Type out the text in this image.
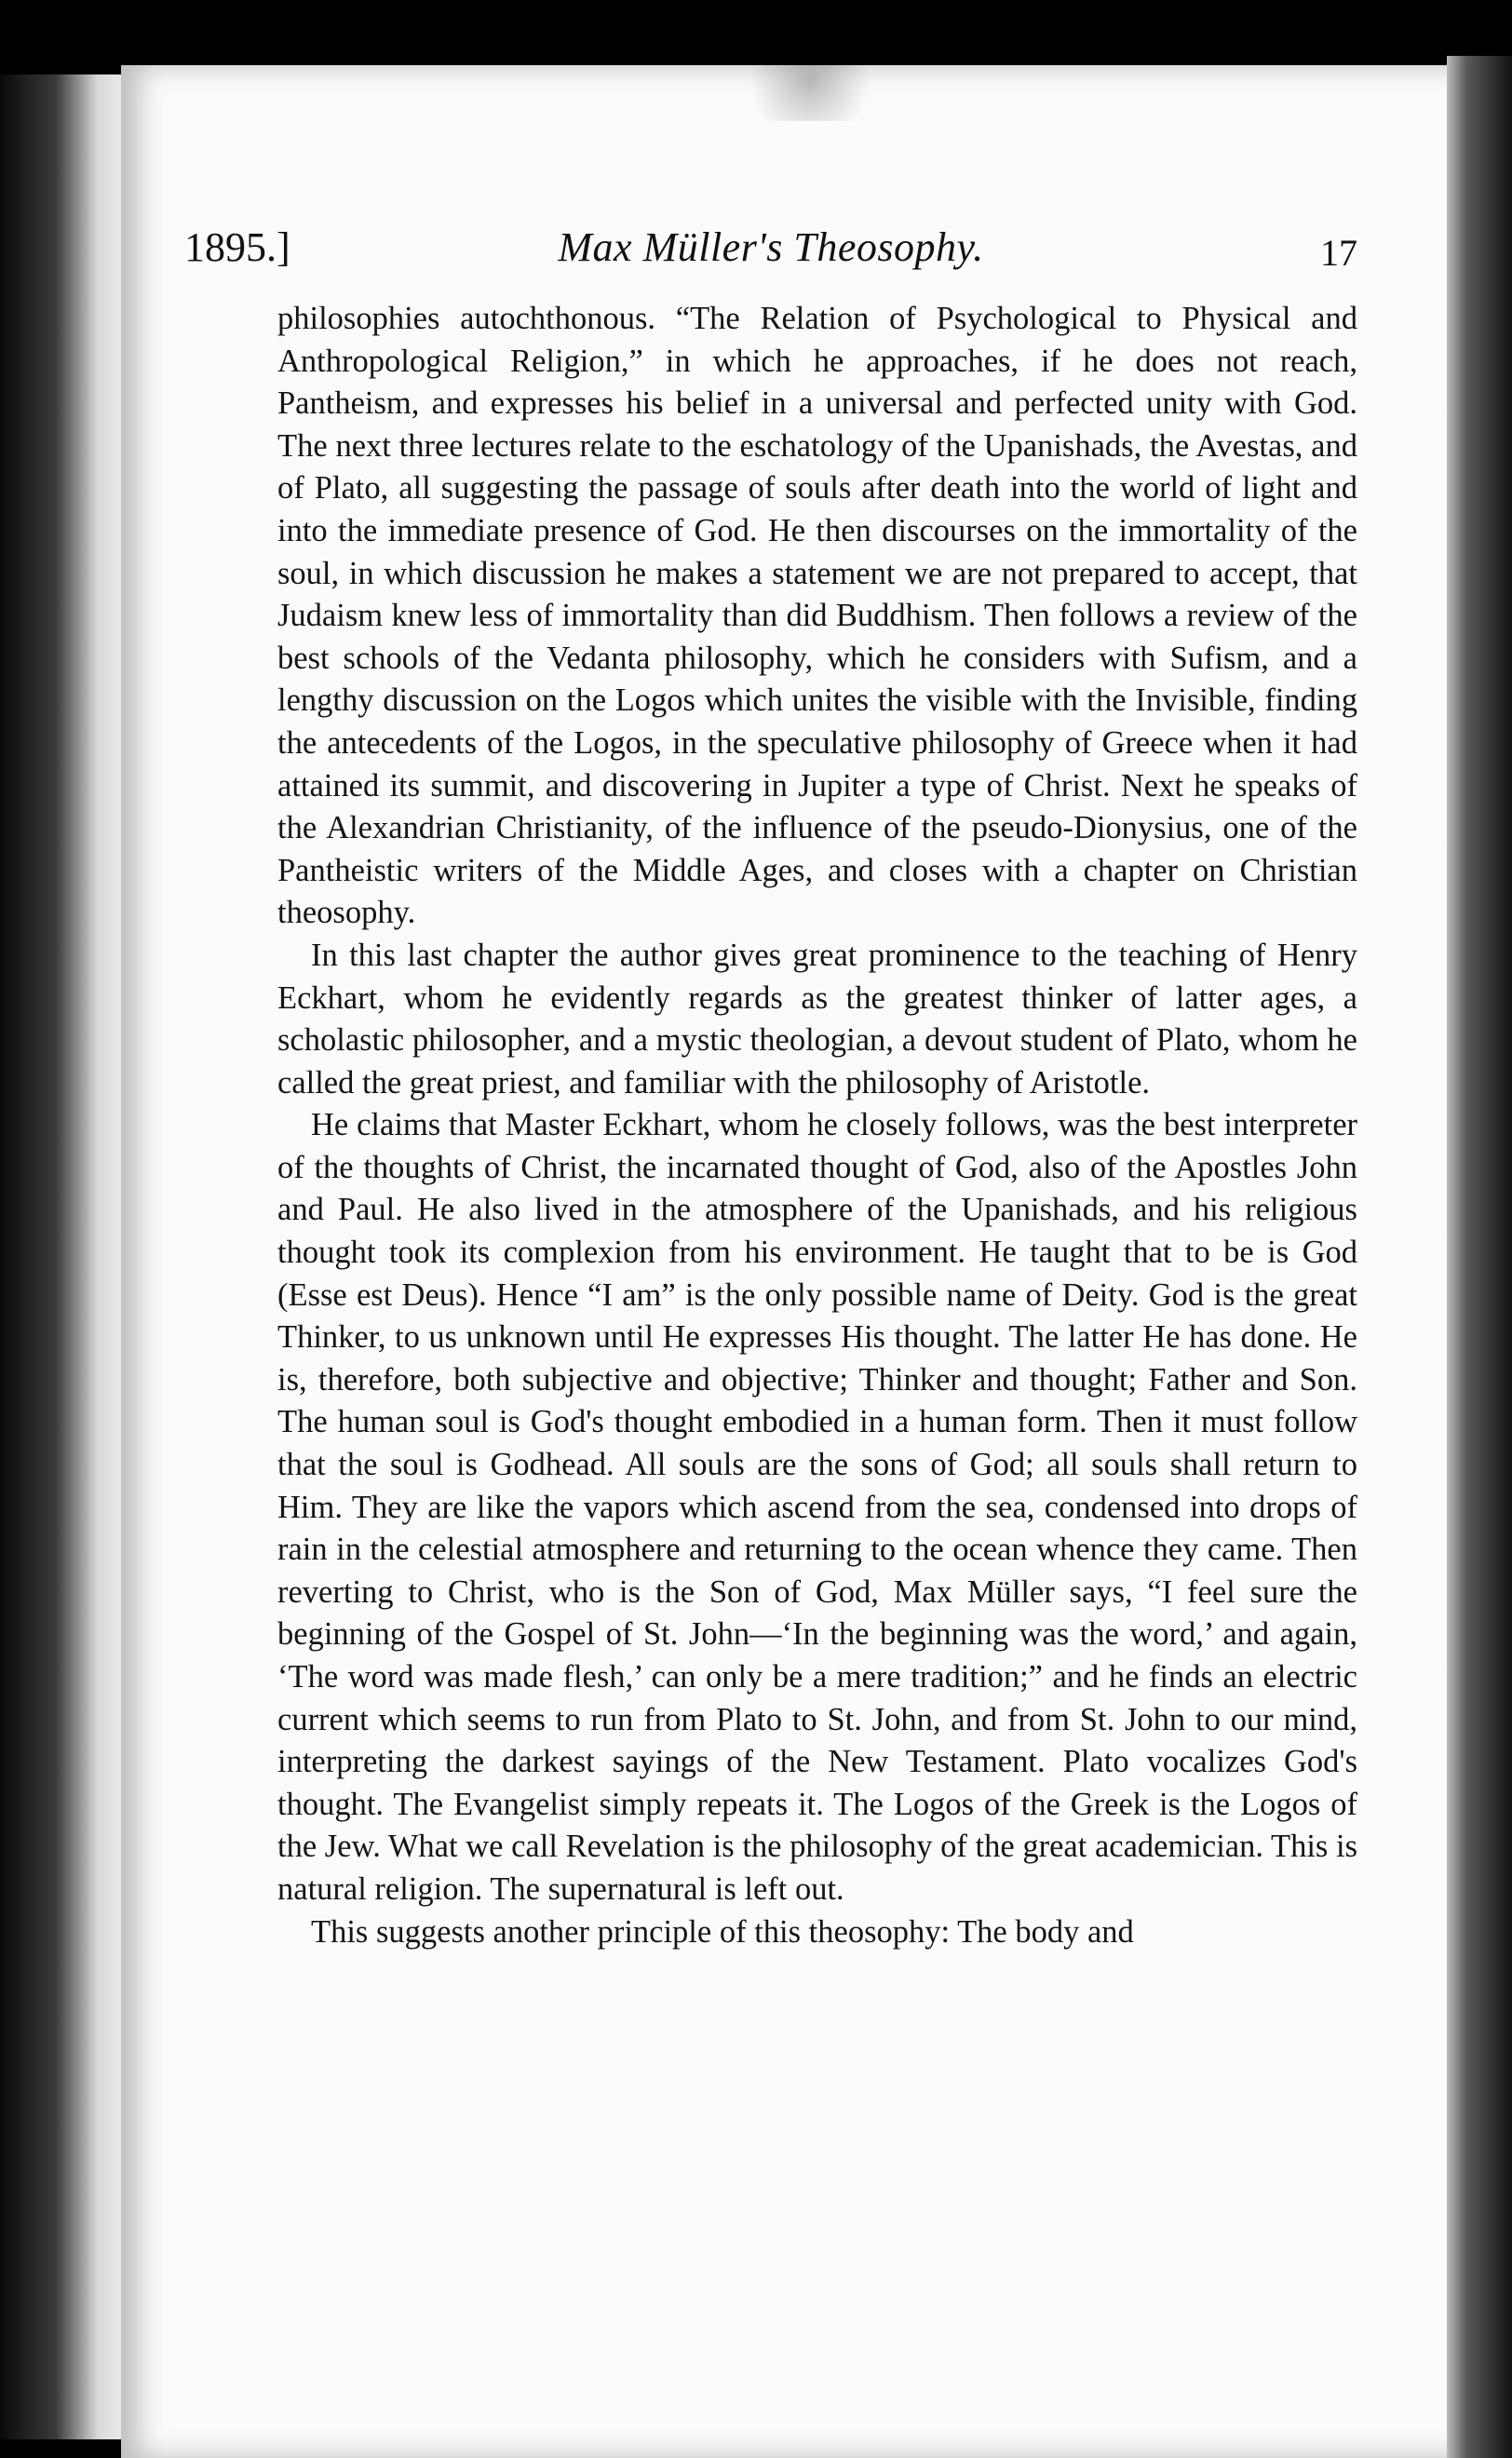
1895.]	Max Müller's Theosophy.	17

philosophies autochthonous. “The Relation of Psychological to Physical and Anthropological Religion,” in which he approaches, if he does not reach, Pantheism, and expresses his belief in a universal and perfected unity with God. The next three lectures relate to the eschatology of the Upanishads, the Avestas, and of Plato, all suggesting the passage of souls after death into the world of light and into the immediate presence of God. He then discourses on the immortality of the soul, in which discussion he makes a statement we are not prepared to accept, that Judaism knew less of immortality than did Buddhism. Then follows a review of the best schools of the Vedanta philosophy, which he considers with Sufism, and a lengthy discussion on the Logos which unites the visible with the Invisible, finding the antecedents of the Logos, in the speculative philosophy of Greece when it had attained its summit, and discovering in Jupiter a type of Christ. Next he speaks of the Alexandrian Christianity, of the influence of the pseudo-Dionysius, one of the Pantheistic writers of the Middle Ages, and closes with a chapter on Christian theosophy.

In this last chapter the author gives great prominence to the teaching of Henry Eckhart, whom he evidently regards as the greatest thinker of latter ages, a scholastic philosopher, and a mystic theologian, a devout student of Plato, whom he called the great priest, and familiar with the philosophy of Aristotle.

He claims that Master Eckhart, whom he closely follows, was the best interpreter of the thoughts of Christ, the incarnated thought of God, also of the Apostles John and Paul. He also lived in the atmosphere of the Upanishads, and his religious thought took its complexion from his environment. He taught that to be is God (Esse est Deus). Hence “I am” is the only possible name of Deity. God is the great Thinker, to us unknown until He expresses His thought. The latter He has done. He is, therefore, both subjective and objective; Thinker and thought; Father and Son. The human soul is God's thought embodied in a human form. Then it must follow that the soul is Godhead. All souls are the sons of God; all souls shall return to Him. They are like the vapors which ascend from the sea, condensed into drops of rain in the celestial atmosphere and returning to the ocean whence they came. Then reverting to Christ, who is the Son of God, Max Müller says, “I feel sure the beginning of the Gospel of St. John—‘In the beginning was the word,’ and again, ‘The word was made flesh,’ can only be a mere tradition;” and he finds an electric current which seems to run from Plato to St. John, and from St. John to our mind, interpreting the darkest sayings of the New Testament. Plato vocalizes God's thought. The Evangelist simply repeats it. The Logos of the Greek is the Logos of the Jew. What we call Revelation is the philosophy of the great academician. This is natural religion. The supernatural is left out.

This suggests another principle of this theosophy: The body and
